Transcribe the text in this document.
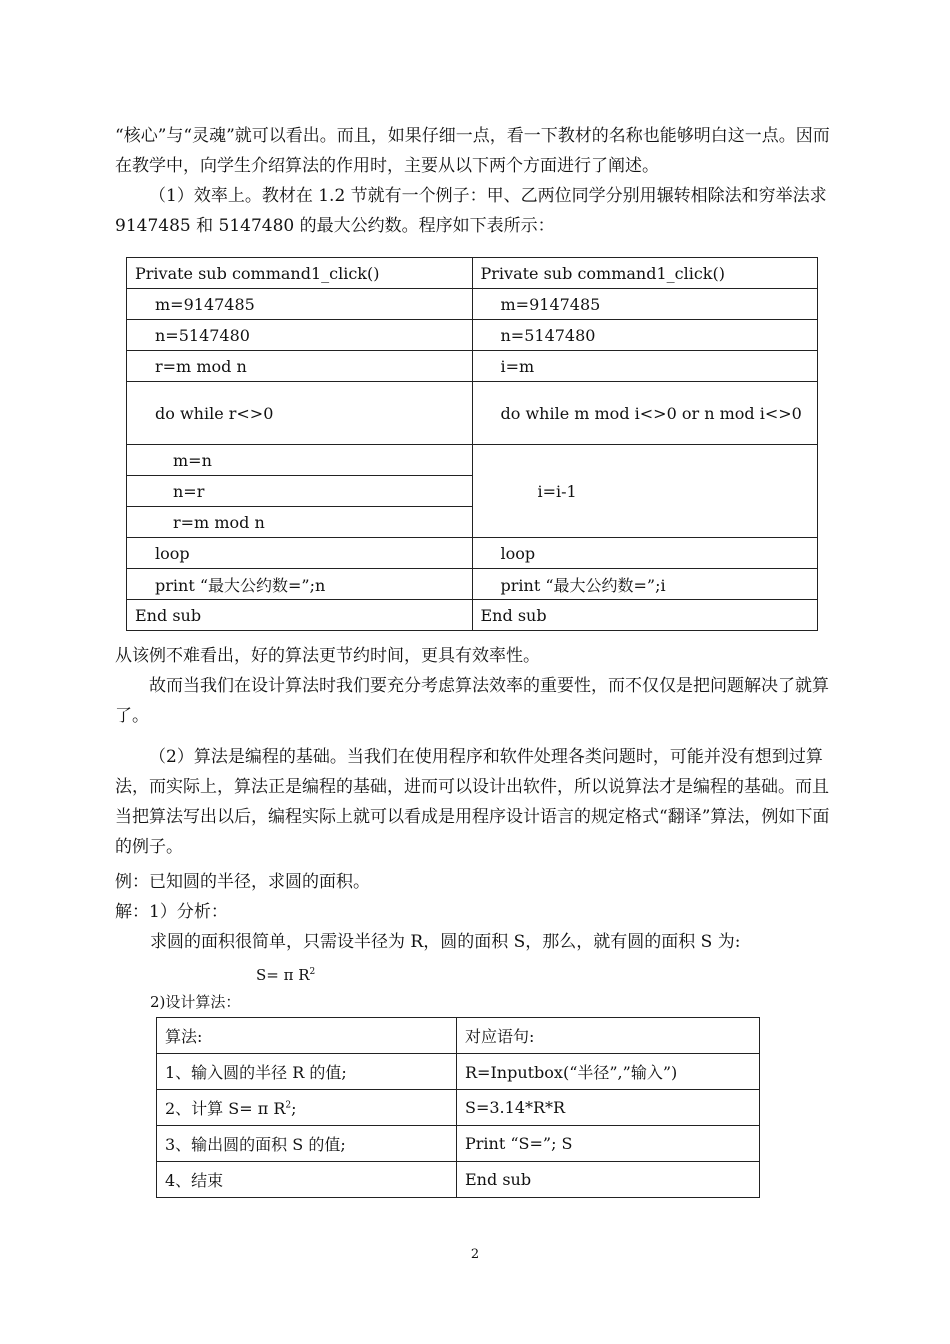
“核心”与“灵魂”就可以看出。而且，如果仔细一点，看一下教材的名称也能够明白这一点。因而在教学中，向学生介绍算法的作用时，主要从以下两个方面进行了阐述。

（1）效率上。教材在 1.2 节就有一个例子：甲、乙两位同学分别用辗转相除法和穷举法求 9147485 和 5147480 的最大公约数。程序如下表所示：

Private sub command1_click()	Private sub command1_click()
m=9147485	m=9147485
n=5147480	n=5147480
r=m mod n	i=m
do while r<>0	do while m mod i<>0 or n mod i<>0
m=n	i=i-1
n=r	
r=m mod n	
loop	loop
print “最大公约数=”;n	print “最大公约数=”;i
End sub	End sub

从该例不难看出，好的算法更节约时间，更具有效率性。

故而当我们在设计算法时我们要充分考虑算法效率的重要性，而不仅仅是把问题解决了就算了。

（2）算法是编程的基础。当我们在使用程序和软件处理各类问题时，可能并没有想到过算法，而实际上，算法正是编程的基础，进而可以设计出软件，所以说算法才是编程的基础。而且当把算法写出以后，编程实际上就可以看成是用程序设计语言的规定格式“翻译”算法，例如下面的例子。

例：已知圆的半径，求圆的面积。

解：1）分析：

求圆的面积很简单，只需设半径为 R，圆的面积 S，那么，就有圆的面积 S 为:

S= π $R^2$

2)设计算法：

算法:	对应语句:
1、输入圆的半径 R 的值;	R=Inputbox(“半径”,”输入”)
2、计算 S= π $R^2$;	S=3.14*R*R
3、输出圆的面积 S 的值;	Print “S=”; S
4、结束	End sub
2
